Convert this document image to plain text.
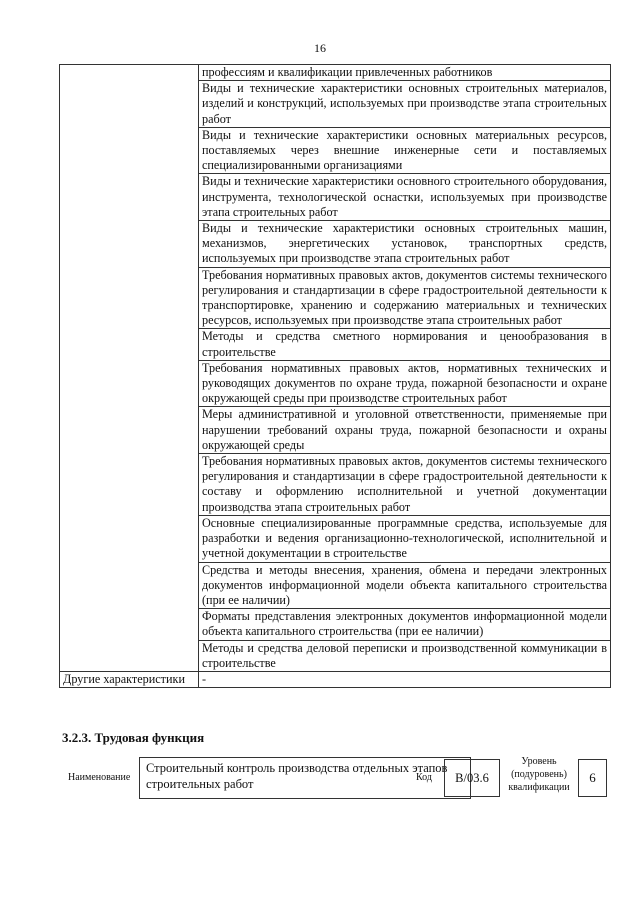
16
	профессиям и квалификации привлеченных работников
	Виды и технические характеристики основных строительных материалов, изделий и конструкций, используемых при производстве этапа строительных работ
	Виды и технические характеристики основных материальных ресурсов, поставляемых через внешние инженерные сети и поставляемых специализированными организациями
	Виды и технические характеристики основного строительного оборудования, инструмента, технологической оснастки, используемых при производстве этапа строительных работ
	Виды и технические характеристики основных строительных машин, механизмов, энергетических установок, транспортных средств, используемых при производстве этапа строительных работ
	Требования нормативных правовых актов, документов системы технического регулирования и стандартизации в сфере градостроительной деятельности к транспортировке, хранению и содержанию материальных и технических ресурсов, используемых при производстве этапа строительных работ
	Методы и средства сметного нормирования и ценообразования в строительстве
	Требования нормативных правовых актов, нормативных технических и руководящих документов по охране труда, пожарной безопасности и охране окружающей среды при производстве строительных работ
	Меры административной и уголовной ответственности, применяемые при нарушении требований охраны труда, пожарной безопасности и охраны окружающей среды
	Требования нормативных правовых актов, документов системы технического регулирования и стандартизации в сфере градостроительной деятельности к составу и оформлению исполнительной и учетной документации производства этапа строительных работ
	Основные специализированные программные средства, используемые для разработки и ведения организационно-технологической, исполнительной и учетной документации в строительстве
	Средства и методы внесения, хранения, обмена и передачи электронных документов информационной модели объекта капитального строительства (при ее наличии)
	Форматы представления электронных документов информационной модели объекта капитального строительства (при ее наличии)
	Методы и средства деловой переписки и производственной коммуникации в строительстве
Другие характеристики	-
3.2.3. Трудовая функция
Наименование
Строительный контроль производства отдельных этапов строительных работ	Код	В/03.6
Уровень (подуровень) квалификации
6
